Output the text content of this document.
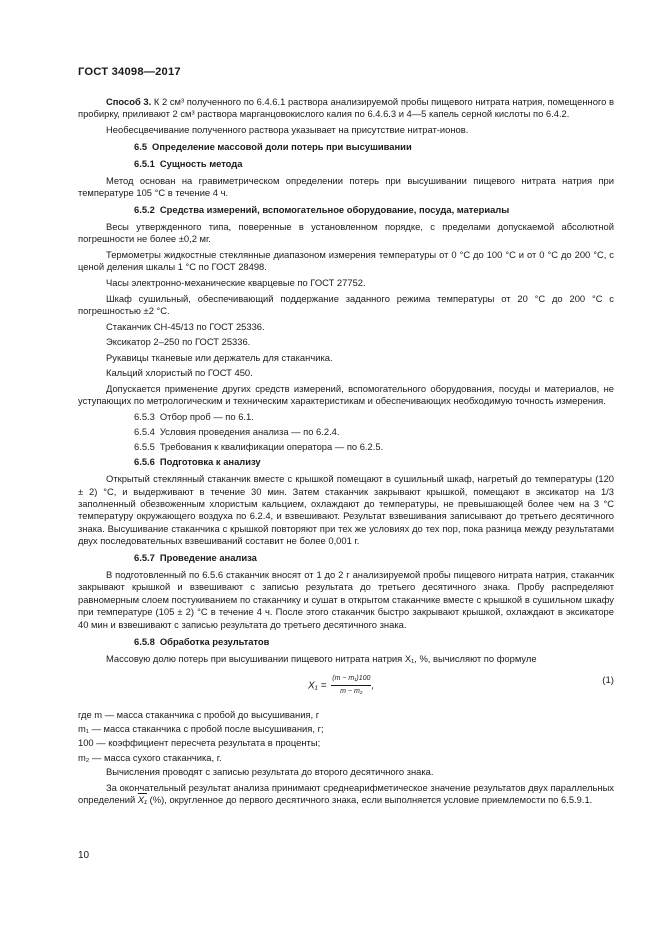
ГОСТ 34098—2017

Способ 3. К 2 см³ полученного по 6.4.6.1 раствора анализируемой пробы пищевого нитрата натрия, помещенного в пробирку, приливают 2 см³ раствора марганцовокислого калия по 6.4.6.3 и 4—5 капель серной кислоты по 6.4.2.

Необесцвечивание полученного раствора указывает на присутствие нитрат-ионов.

6.5 Определение массовой доли потерь при высушивании
6.5.1 Сущность метода

Метод основан на гравиметрическом определении потерь при высушивании пищевого нитрата натрия при температуре 105 °С в течение 4 ч.

6.5.2 Средства измерений, вспомогательное оборудование, посуда, материалы

Весы утвержденного типа, поверенные в установленном порядке, с пределами допускаемой абсолютной погрешности не более ±0,2 мг.

Термометры жидкостные стеклянные диапазоном измерения температуры от 0 °С до 100 °С и от 0 °С до 200 °С, с ценой деления шкалы 1 °С по ГОСТ 28498.

Часы электронно-механические кварцевые по ГОСТ 27752.

Шкаф сушильный, обеспечивающий поддержание заданного режима температуры от 20 °С до 200 °С с погрешностью ±2 °С.

Стаканчик СН-45/13 по ГОСТ 25336.

Эксикатор 2–250 по ГОСТ 25336.

Рукавицы тканевые или держатель для стаканчика.

Кальций хлористый по ГОСТ 450.

Допускается применение других средств измерений, вспомогательного оборудования, посуды и материалов, не уступающих по метрологическим и техническим характеристикам и обеспечивающих необходимую точность измерения.

6.5.3 Отбор проб — по 6.1.
6.5.4 Условия проведения анализа — по 6.2.4.
6.5.5 Требования к квалификации оператора — по 6.2.5.
6.5.6 Подготовка к анализу

Открытый стеклянный стаканчик вместе с крышкой помещают в сушильный шкаф, нагретый до температуры (120 ± 2) °С, и выдерживают в течение 30 мин. Затем стаканчик закрывают крышкой, помещают в эксикатор на 1/3 заполненный обезвоженным хлористым кальцием, охлаждают до температуры, не превышающей более чем на 3 °С температуру окружающего воздуха по 6.2.4, и взвешивают. Результат взвешивания записывают до третьего десятичного знака. Высушивание стаканчика с крышкой повторяют при тех же условиях до тех пор, пока разница между результатами двух последовательных взвешиваний составит не более 0,001 г.

6.5.7 Проведение анализа

В подготовленный по 6.5.6 стаканчик вносят от 1 до 2 г анализируемой пробы пищевого нитрата натрия, стаканчик закрывают крышкой и взвешивают с записью результата до третьего десятичного знака. Пробу распределяют равномерным слоем постукиванием по стаканчику и сушат в открытом стаканчике вместе с крышкой в сушильном шкафу при температуре (105 ± 2) °С в течение 4 ч. После этого стаканчик быстро закрывают крышкой, охлаждают в эксикаторе 40 мин и взвешивают с записью результата до третьего десятичного знака.

6.5.8 Обработка результатов

Массовую долю потерь при высушивании пищевого нитрата натрия X₁, %, вычисляют по формуле

$X_1 = \frac{\text{(m − m₁)100}}{\text{m − m₂}}$ ,
(1)
где m — масса стаканчика с пробой до высушивания, г
m₁ — масса стаканчика с пробой после высушивания, г;
100 — коэффициент пересчета результата в проценты;
m₂ — масса сухого стаканчика, г.

Вычисления проводят с записью результата до второго десятичного знака.

За окончательный результат анализа принимают среднеарифметическое значение результатов двух параллельных определений X₁ (%), округленное до первого десятичного знака, если выполняется условие приемлемости по 6.5.9.1.

10
